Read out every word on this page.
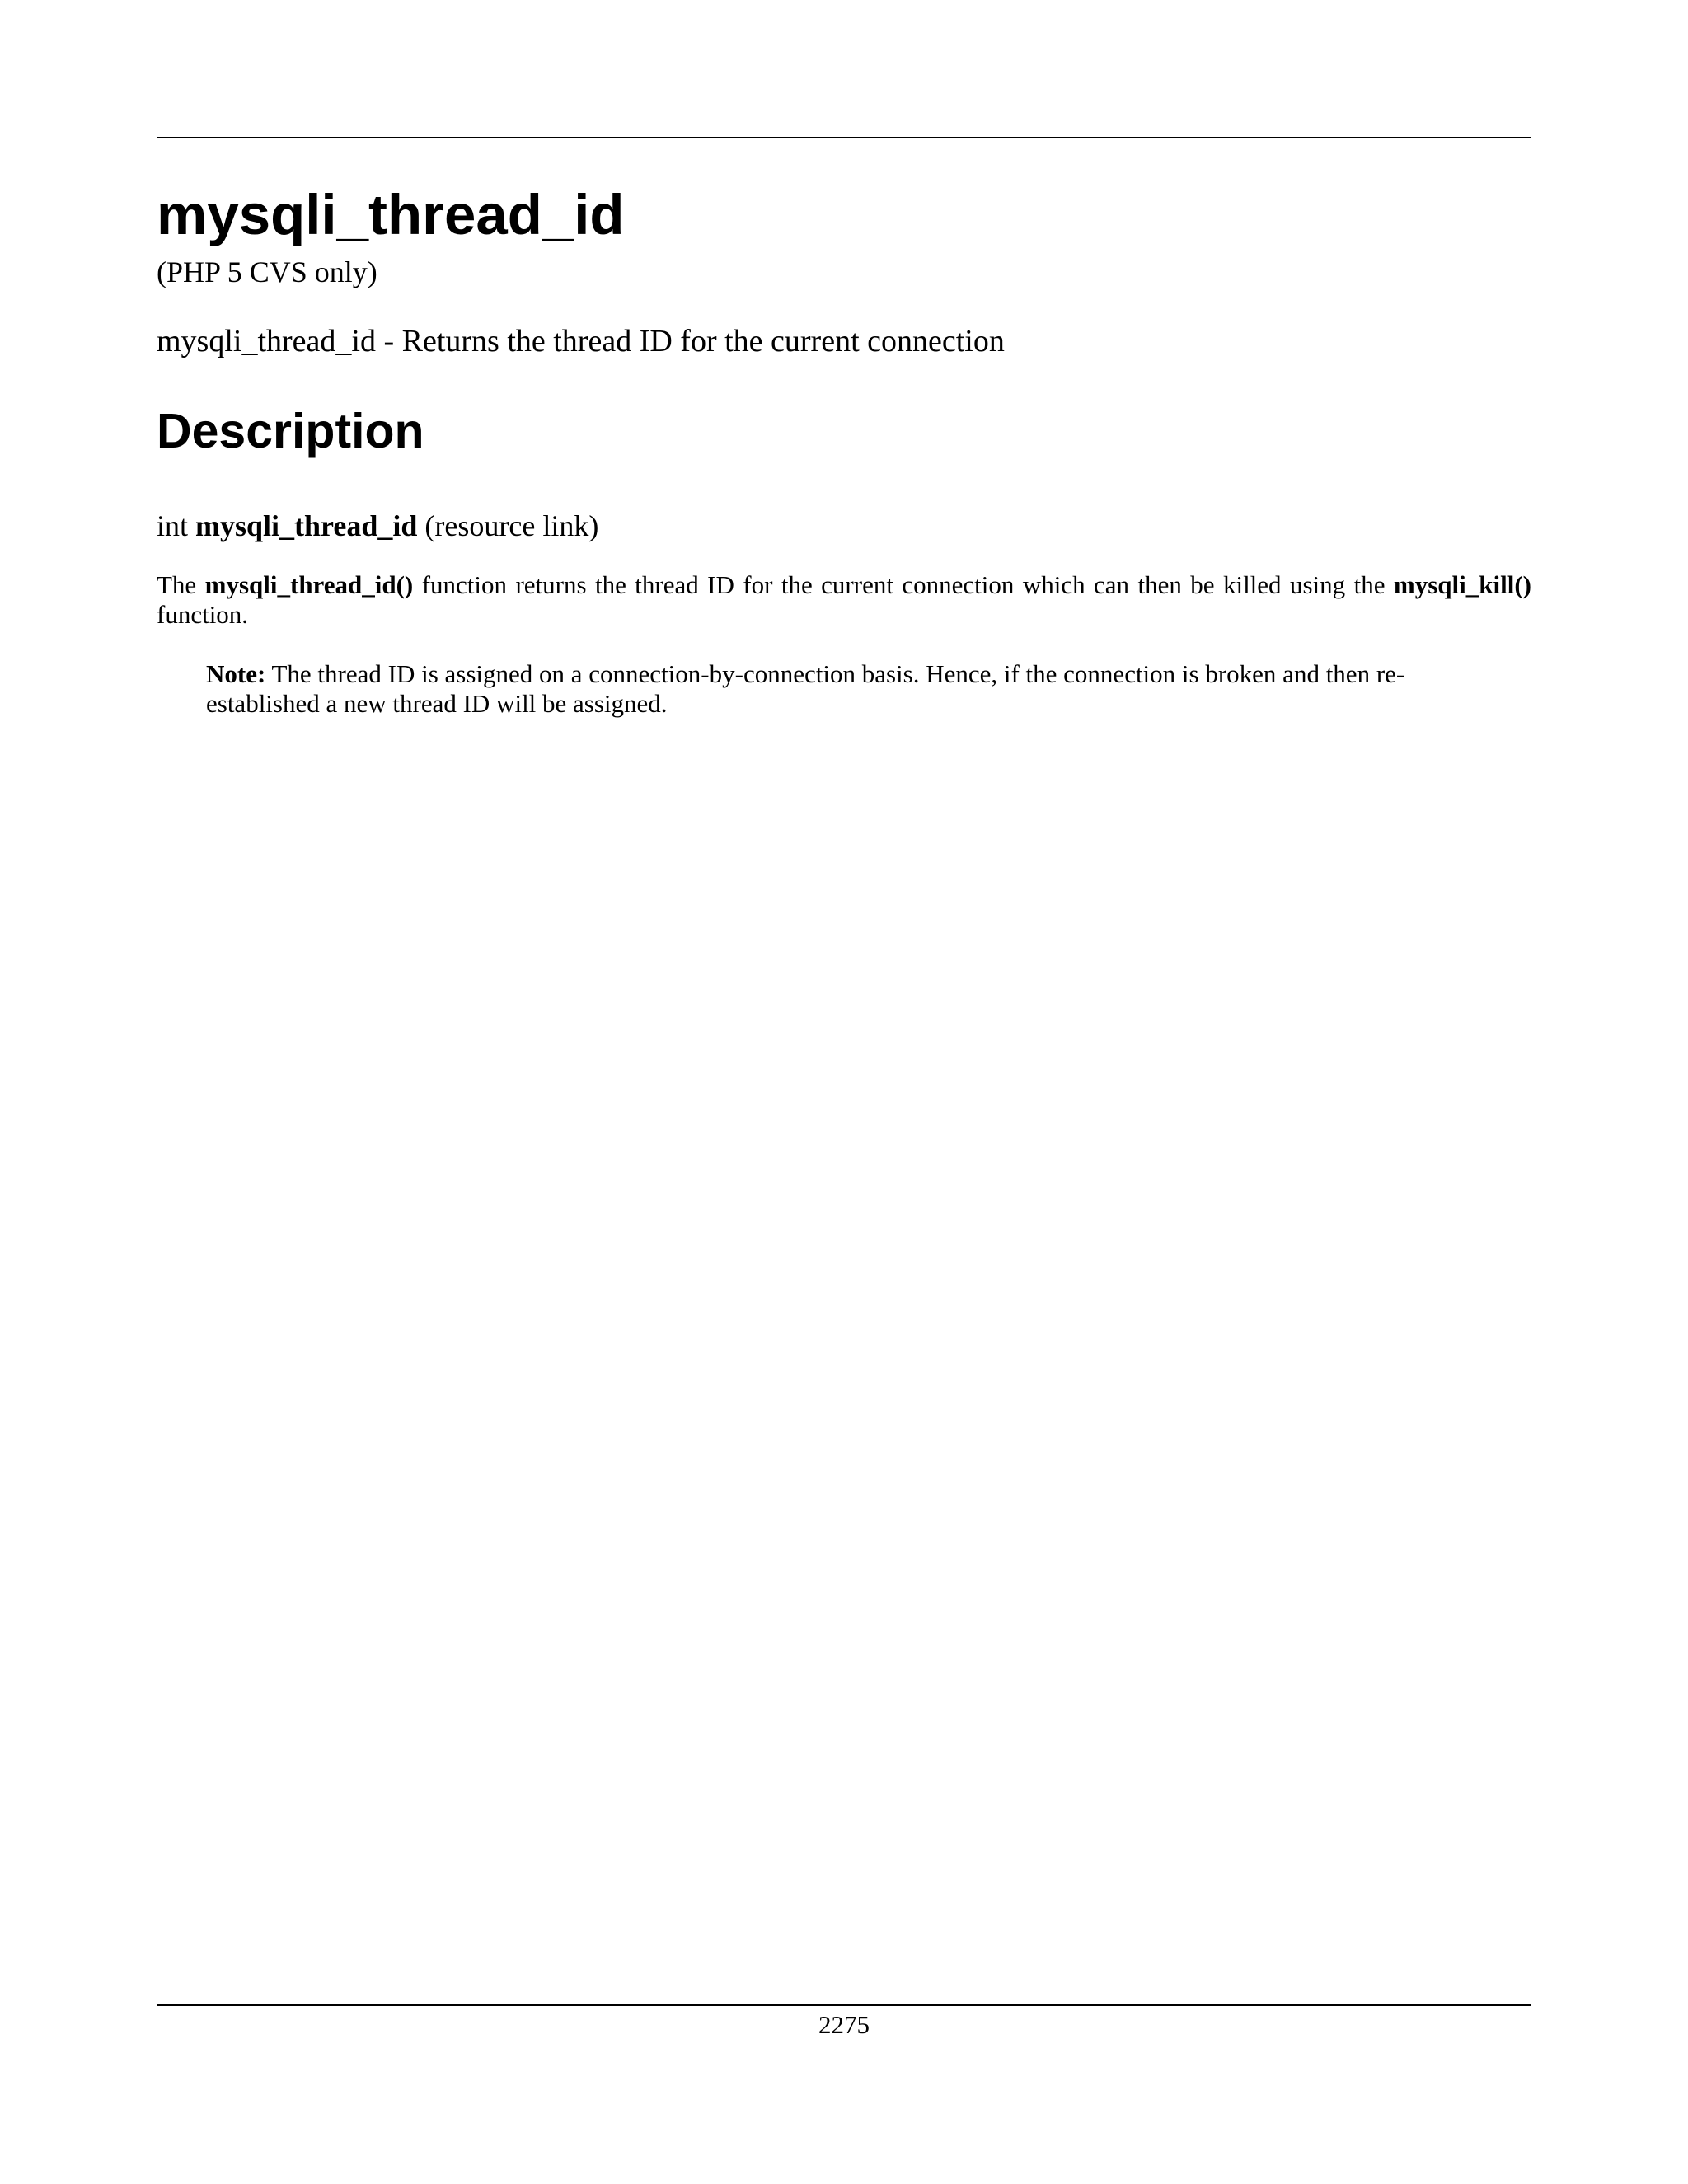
mysqli_thread_id
(PHP 5 CVS only)
mysqli_thread_id - Returns the thread ID for the current connection
Description
int mysqli_thread_id (resource link)
The mysqli_thread_id() function returns the thread ID for the current connection which can then be killed using the mysqli_kill() function.
Note: The thread ID is assigned on a connection-by-connection basis. Hence, if the connection is broken and then re-established a new thread ID will be assigned.
2275
